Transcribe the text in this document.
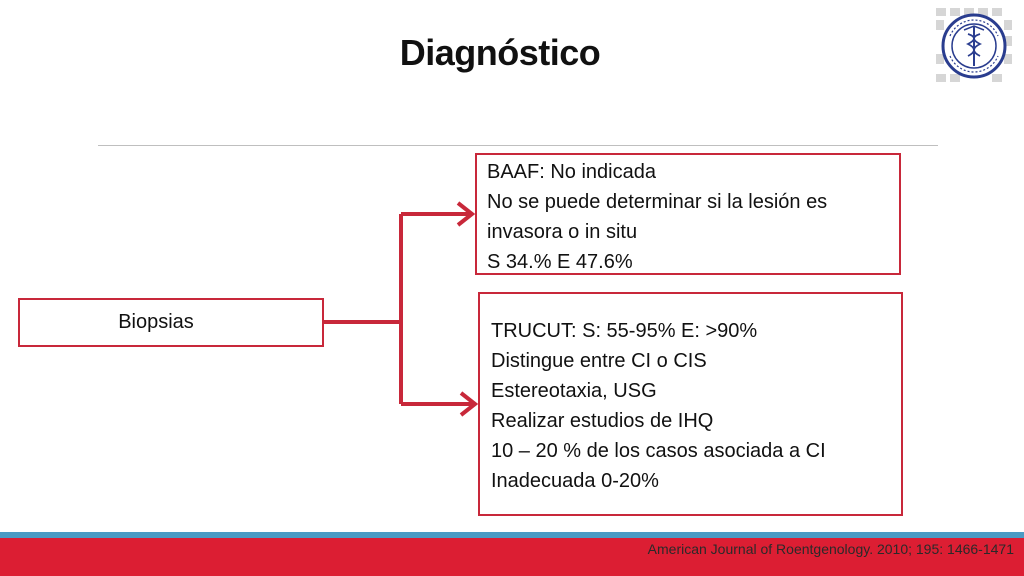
Diagnóstico
Biopsias
BAAF: No indicada
No se puede determinar si la lesión es
invasora o in situ
S 34.% E 47.6%
TRUCUT: S: 55-95% E: >90%
Distingue entre CI o CIS
Estereotaxia, USG
Realizar estudios de IHQ
10 – 20 % de los casos asociada a CI
Inadecuada 0-20%
American Journal of Roentgenology. 2010; 195: 1466-1471
